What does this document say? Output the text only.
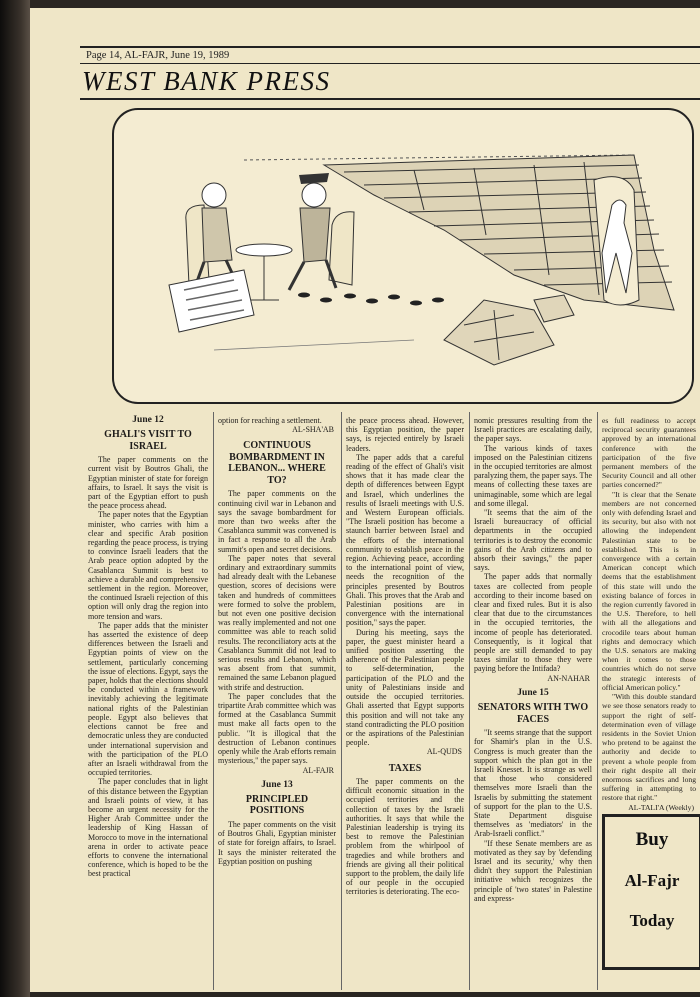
Page 14, AL-FAJR, June 19, 1989
WEST BANK PRESS
June 12
GHALI'S VISIT TO ISRAEL

The paper comments on the current visit by Boutros Ghali, the Egyptian minister of state for foreign affairs, to Israel. It says the visit is part of the Egyptian effort to push the peace process ahead.

The paper notes that the Egyptian minister, who carries with him a clear and specific Arab position regarding the peace process, is trying to convince Israeli leaders that the Arab peace option adopted by the Casablanca Summit is best to achieve a durable and comprehensive settlement in the region. Moreover, the continued Israeli rejection of this option will only drag the region into more tension and wars.

The paper adds that the minister has asserted the existence of deep differences between the Israeli and Egyptian points of view on the settlement, particularly concerning the issue of elections. Egypt, says the paper, holds that the elections should be conducted within a framework inevitably achieving the legitimate national rights of the Palestinian people. Egypt also believes that elections cannot be free and democratic unless they are conducted under international supervision and with the participation of the PLO after an Israeli withdrawal from the occupied territories.

The paper concludes that in light of this distance between the Egyptian and Israeli points of view, it has become an urgent necessity for the Higher Arab Committee under the leadership of King Hassan of Morocco to move in the international arena in order to activate peace efforts to convene the international conference, which is hoped to be the best practical

option for reaching a settlement.

AL-SHA'AB
CONTINUOUS BOMBARDMENT IN LEBANON... WHERE TO?

The paper comments on the continuing civil war in Lebanon and says the savage bombardment for more than two weeks after the Casablanca summit was convened is in fact a response to all the Arab summit's open and secret decisions.

The paper notes that several ordinary and extraordinary summits had already dealt with the Lebanese question, scores of decisions were taken and hundreds of committees were formed to solve the problem, but not even one positive decision was really implemented and not one committee was able to reach solid results. The reconciliatory acts at the Casablanca Summit did not lead to serious results and Lebanon, which was absent from that summit, remained the same Lebanon plagued with strife and destruction.

The paper concludes that the tripartite Arab committee which was formed at the Casablanca Summit must make all facts open to the public. "It is illogical that the destruction of Lebanon continues openly while the Arab efforts remain mysterious," the paper says.

AL-FAJR
June 13
PRINCIPLED POSITIONS

The paper comments on the visit of Boutros Ghali, Egyptian minister of state for foreign affairs, to Israel. It says the minister reiterated the Egyptian position on pushing

the peace process ahead. However, this Egyptian position, the paper says, is rejected entirely by Israeli leaders.

The paper adds that a careful reading of the effect of Ghali's visit shows that it has made clear the depth of differences between Egypt and Israel, which underlines the results of Israeli meetings with U.S. and Western European officials. "The Israeli position has become a staunch barrier between Israel and the efforts of the international community to establish peace in the region. Achieving peace, according to the international point of view, needs the recognition of the principles presented by Boutros Ghali. This proves that the Arab and Palestinian positions are in convergence with the international position," says the paper.

During his meeting, says the paper, the guest minister heard a unified position asserting the adherence of the Palestinian people to self-determination, the participation of the PLO and the unity of Palestinians inside and outside the occupied territories. Ghali asserted that Egypt supports this position and will not take any stand contradicting the PLO position or the aspirations of the Palestinian people.

AL-QUDS
TAXES

The paper comments on the difficult economic situation in the occupied territories and the collection of taxes by the Israeli authorities. It says that while the Palestinian leadership is trying its best to remove the Palestinian problem from the whirlpool of tragedies and while brothers and friends are giving all their political support to the problem, the daily life of our people in the occupied territories is deteriorating. The eco-

nomic pressures resulting from the Israeli practices are escalating daily, the paper says.

The various kinds of taxes imposed on the Palestinian citizens in the occupied territories are almost paralyzing them, the paper says. The means of collecting these taxes are unimaginable, some which are legal and some illegal.

"It seems that the aim of the Israeli bureaucracy of official departments in the occupied territories is to destroy the economic gains of the Arab citizens and to absorb their savings," the paper says.

The paper adds that normally taxes are collected from people according to their income based on clear and fixed rules. But it is also clear that due to the circumstances in the occupied territories, the income of people has deteriorated. Consequently, is it logical that people are still demanded to pay taxes similar to those they were paying before the Intifada?

AN-NAHAR
June 15
SENATORS WITH TWO FACES

"It seems strange that the support for Shamir's plan in the U.S. Congress is much greater than the support which the plan got in the Israeli Knesset. It is strange as well that those who considered themselves more Israeli than the Israelis by submitting the statement of support for the plan to the U.S. State Department disguise themselves as 'mediators' in the Arab-Israeli conflict."

"If these Senate members are as motivated as they say by 'defending Israel and its security,' why then didn't they support the Palestinian initiative which recognizes the principle of 'two states' in Palestine and express-

es full readiness to accept reciprocal security guarantees approved by an international conference with the participation of the five permanent members of the Security Council and all other parties concerned?"

"It is clear that the Senate members are not concerned only with defending Israel and its security, but also with not allowing the independent Palestinian state to be established. This is in convergence with a certain American concept which deems that the establishment of this state will undo the existing balance of forces in the region currently favored in the U.S. Therefore, to hell with all the allegations and crocodile tears about human rights and democracy which the U.S. senators are making when it comes to those countries which do not serve the strategic interests of official American policy."

"With this double standard we see those senators ready to support the right of self-determination even of village residents in the Soviet Union who pretend to be against the authority and decide to prevent a whole people from their right despite all their enormous sacrifices and long suffering in attempting to restore that right."

AL-TALI'A (Weekly)
Buy
Al-Fajr
Today
